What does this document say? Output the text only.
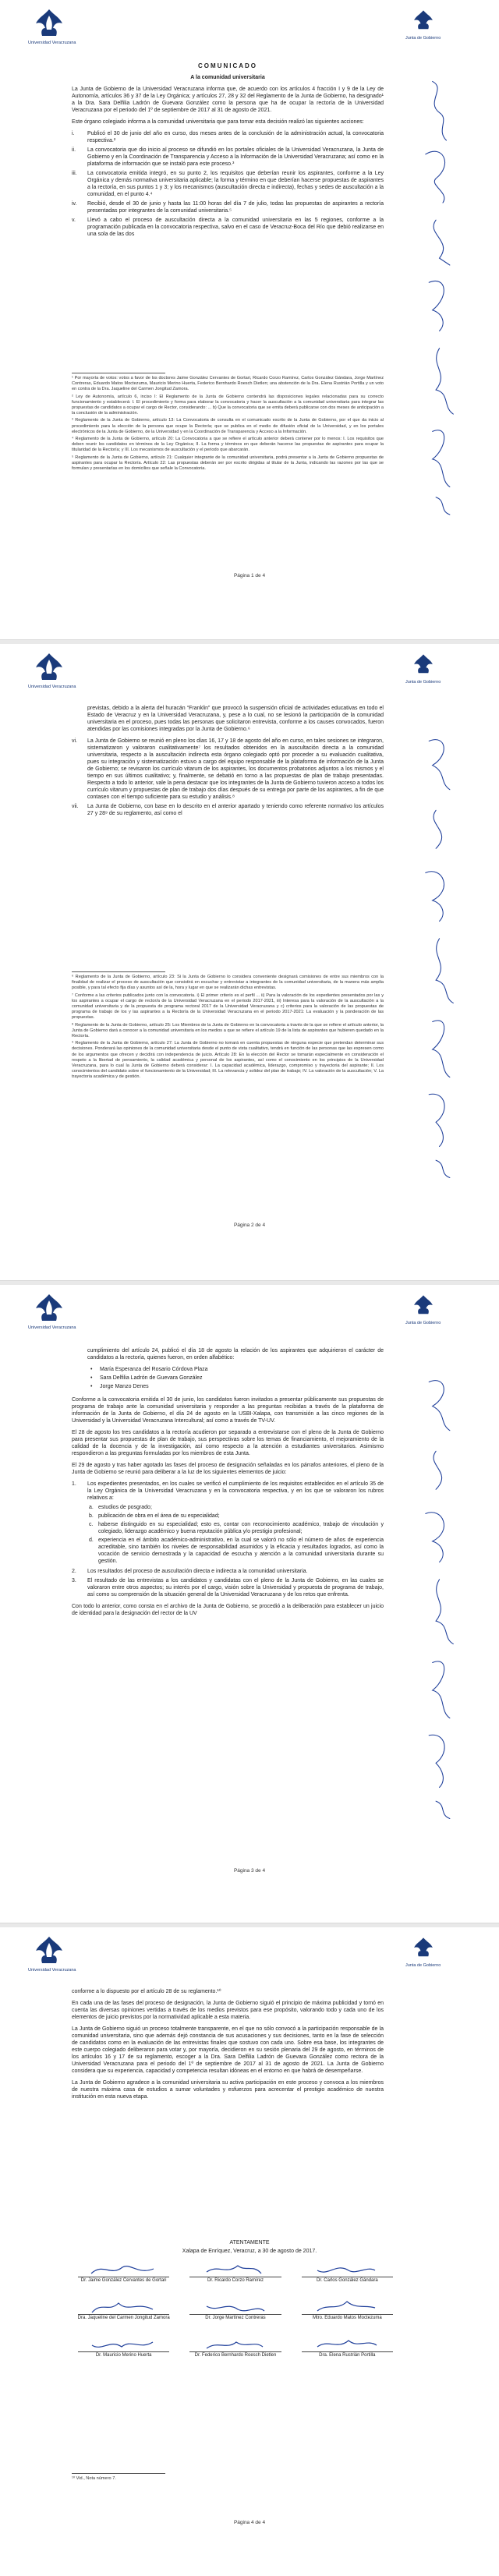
Universidad Veracruzana
Junta de Gobierno

COMUNICADO

A la comunidad universitaria

La Junta de Gobierno de la Universidad Veracruzana informa que, de acuerdo con los artículos 4 fracción I y 9 de la Ley de Autonomía, artículos 36 y 37 de la Ley Orgánica; y artículos 27, 28 y 32 del Reglamento de la Junta de Gobierno, ha designado¹ a la Dra. Sara Delfilia Ladrón de Guevara González como la persona que ha de ocupar la rectoría de la Universidad Veracruzana por el periodo del 1º de septiembre de 2017 al 31 de agosto de 2021.

Este órgano colegiado informa a la comunidad universitaria que para tomar esta decisión realizó las siguientes acciones:

i.	Publicó el 30 de junio del año en curso, dos meses antes de la conclusión de la administración actual, la convocatoria respectiva.²
ii.	La convocatoria que dio inicio al proceso se difundió en los portales oficiales de la Universidad Veracruzana, la Junta de Gobierno y en la Coordinación de Transparencia y Acceso a la Información de la Universidad Veracruzana; así como en la plataforma de información que se instaló para este proceso.³
iii.	La convocatoria emitida integró, en su punto 2, los requisitos que deberían reunir los aspirantes, conforme a la Ley Orgánica y demás normativa universitaria aplicable; la forma y término en que deberían hacerse propuestas de aspirantes a la rectoría, en sus puntos 1 y 3; y los mecanismos (auscultación directa e indirecta), fechas y sedes de auscultación a la comunidad, en el punto 4.⁴
iv.	Recibió, desde el 30 de junio y hasta las 11:00 horas del día 7 de julio, todas las propuestas de aspirantes a rectoría presentadas por integrantes de la comunidad universitaria.⁵
v.	Llevó a cabo el proceso de auscultación directa a la comunidad universitaria en las 5 regiones, conforme a la programación publicada en la convocatoria respectiva, salvo en el caso de Veracruz-Boca del Río que debió realizarse en una sola de las dos

¹ Por mayoría de votos: votos a favor de los doctores Jaime González Cervantes de Gortari, Ricardo Corzo Ramírez, Carlos González Gándara, Jorge Martínez Contreras, Eduardo Matos Moctezuma, Mauricio Merino Huerta, Federico Bernhardo Roesch Dietlen; una abstención de la Dra. Elena Rustrián Portilla y un voto en contra de la Dra. Jaqueline del Carmen Jongitud Zamora.

² Ley de Autonomía, artículo 6, inciso I: El Reglamento de la Junta de Gobierno contendrá las disposiciones legales relacionadas para su correcto funcionamiento y establecerá: I. El procedimiento y forma para elaborar la convocatoria y hacer la auscultación a la comunidad universitaria para integrar las propuestas de candidatos a ocupar el cargo de Rector, considerando: ... b) Que la convocatoria que se emita deberá publicarse con dos meses de anticipación a la conclusión de la administración.

³ Reglamento de la Junta de Gobierno, artículo 13: La Convocatoria de consulta en el comunicado escrito de la Junta de Gobierno, por el que da inicio al procedimiento para la elección de la persona que ocupe la Rectoría; que se publica en el medio de difusión oficial de la Universidad, y en los portales electrónicos de la Junta de Gobierno, de la Universidad y en la Coordinación de Transparencia y Acceso a la Información.

⁴ Reglamento de la Junta de Gobierno, artículo 20: La Convocatoria a que se refiere el artículo anterior deberá contener por lo menos: I. Los requisitos que deben reunir los candidatos en términos de la Ley Orgánica; II. La forma y términos en que deberán hacerse las propuestas de aspirantes para ocupar la titularidad de la Rectoría; y III. Los mecanismos de auscultación y el periodo que abarcarán.

⁵ Reglamento de la Junta de Gobierno, artículo 21: Cualquier integrante de la comunidad universitaria, podrá presentar a la Junta de Gobierno propuestas de aspirantes para ocupar la Rectoría. Artículo 22: Las propuestas deberán ser por escrito dirigidas al titular de la Junta, indicando las razones por las que se formulan y presentarlas en los domicilios que señale la Convocatoria.

Página 1 de 4
Universidad Veracruzana
Junta de Gobierno

previstas, debido a la alerta del huracán “Franklin” que provocó la suspensión oficial de actividades educativas en todo el Estado de Veracruz y en la Universidad Veracruzana, y, pese a lo cual, no se lesionó la participación de la comunidad universitaria en el proceso, pues todas las personas que solicitaron entrevista, conforme a los causes convocados, fueron atendidas por las comisiones integradas por la Junta de Gobierno.⁶

vi.	La Junta de Gobierno se reunió en pleno los días 16, 17 y 18 de agosto del año en curso, en tales sesiones se integraron, sistematizaron y valoraron cualitativamente⁷ los resultados obtenidos en la auscultación directa a la comunidad universitaria, respecto a la auscultación indirecta esta órgano colegiado optó por proceder a su evaluación cualitativa, pues su integración y sistematización estuvo a cargo del equipo responsable de la plataforma de información de la Junta de Gobierno; se revisaron los currículo vitarum de los aspirantes, los documentos probatorios adjuntos a los mismos y el tiempo en sus últimos cualitativo; y, finalmente, se debatió en torno a las propuestas de plan de trabajo presentadas. Respecto a todo lo anterior, vale la pena destacar que los integrantes de la Junta de Gobierno tuvieron acceso a todos los currículo vitarum y propuestas de plan de trabajo dos días después de su entrega por parte de los aspirantes, a fin de que contasen con el tiempo suficiente para su estudio y análisis.⁸
vii.	La Junta de Gobierno, con base en lo descrito en el anterior apartado y teniendo como referente normativo los artículos 27 y 28⁹ de su reglamento, así como el

⁶ Reglamento de la Junta de Gobierno, artículo 23: Si la Junta de Gobierno lo considera conveniente designará comisiones de entre sus miembros con la finalidad de realizar el proceso de auscultación que consistirá en escuchar y entrevistar a integrantes de la comunidad universitaria, de la manera más amplia posible, y para tal efecto fija días y asuntos así de la, hora y lugar en que se realizarán dichas entrevistas.

⁷ Conforme a las criterios publicados junto con la convocatoria. i) El primer criterio es el perfil ... ii) Para la valoración de los expedientes presentados por las y los aspirantes a ocupar el cargo de rector/a de la Universidad Veracruzana en el periodo 2017-2021, iii) Interesa para la valoración de la auscultación a la comunidad universitaria y de la propuesta de programa rectoral 2017 de la Universidad Veracruzana y c) criterios para la valoración de las propuestas de programa de trabajo de los y las aspirantes a la Rectoría de la Universidad Veracruzana en el periodo 2017-2021: La evaluación y la ponderación de las propuestas.

⁸ Reglamento de la Junta de Gobierno, artículo 25: Los Miembros de la Junta de Gobierno en la convocatoria a través de la que se refiere el artículo anterior, la Junta de Gobierno dará a conocer a la comunidad universitaria en los medios a que se refiere el artículo 19 de la lista de aspirantes que hubieren quedado en la Rectoría.

⁹ Reglamento de la Junta de Gobierno, artículo 27: La Junta de Gobierno no tomará en cuenta propuestas de ninguna especie que pretendan determinar sus decisiones. Ponderará las opiniones de la comunidad universitaria desde el punto de vista cualitativo, tendrá en función de las personas que las expresen como de los argumentos que ofrecen y decidirá con independencia de juicio. Artículo 28: En la elección del Rector se tomarán especialmente en consideración el respeto a la libertad de pensamiento, la calidad académica y personal de los aspirantes, así como el conocimiento en los principios de la Universidad Veracruzana, para lo cual la Junta de Gobierno deberá considerar: I. La capacidad académica, liderazgo, compromiso y trayectoria del aspirante; II. Los conocimientos del candidato sobre el funcionamiento de la Universidad; III. La relevancia y solidez del plan de trabajo; IV. La valoración de la auscultación; V. La trayectoria académica y de gestión.

Página 2 de 4
Universidad Veracruzana
Junta de Gobierno

cumplimiento del artículo 24, publicó el día 18 de agosto la relación de los aspirantes que adquirieron el carácter de candidatos a la rectoría, quienes fueron, en orden alfabético:

•	María Esperanza del Rosario Córdova Plaza
•	Sara Delfilia Ladrón de Guevara González
•	Jorge Manzo Denes

Conforme a la convocatoria emitida el 30 de junio, los candidatos fueron invitados a presentar públicamente sus propuestas de programa de trabajo ante la comunidad universitaria y responder a las preguntas recibidas a través de la plataforma de información de la Junta de Gobierno, el día 24 de agosto en la USBI-Xalapa, con transmisión a las cinco regiones de la Universidad y la Universidad Veracruzana Intercultural; así como a través de TV-UV.

El 28 de agosto los tres candidatos a la rectoría acudieron por separado a entrevistarse con el pleno de la Junta de Gobierno para presentar sus propuestas de plan de trabajo, sus perspectivas sobre los temas de financiamiento, el mejoramiento de la calidad de la docencia y de la investigación, así como respecto a la atención a estudiantes universitarios. Asimismo respondieron a las preguntas formuladas por los miembros de esta Junta.

El 29 de agosto y tras haber agotado las fases del proceso de designación señaladas en los párrafos anteriores, el pleno de la Junta de Gobierno se reunió para deliberar a la luz de los siguientes elementos de juicio:

1.	Los expedientes presentados, en los cuales se verificó el cumplimiento de los requisitos establecidos en el artículo 35 de la Ley Orgánica de la Universidad Veracruzana y en la convocatoria respectiva, y en los que se valoraron los rubros relativos a:
a. estudios de posgrado;
b. publicación de obra en el área de su especialidad;
c. haberse distinguido en su especialidad; esto es, contar con reconocimiento académico, trabajo de vinculación y colegiado, liderazgo académico y buena reputación pública y/o prestigio profesional;
d. experiencia en el ámbito académico-administrativo, en la cual se valoró no sólo el número de años de experiencia acreditable, sino también los niveles de responsabilidad asumidos y la eficacia y resultados logrados, así como la vocación de servicio demostrada y la capacidad de escucha y atención a la comunidad universitaria durante su gestión.
2.	Los resultados del proceso de auscultación directa e indirecta a la comunidad universitaria.
3.	El resultado de las entrevistas a los candidatos y candidatas con el pleno de la Junta de Gobierno, en las cuales se valoraron entre otros aspectos; su interés por el cargo, visión sobre la Universidad y propuesta de programa de trabajo, así como su comprensión de la situación general de la Universidad Veracruzana y de los retos que enfrenta.

Con todo lo anterior, como consta en el archivo de la Junta de Gobierno, se procedió a la deliberación para establecer un juicio de identidad para la designación del rector de la UV

Página 3 de 4
Universidad Veracruzana
Junta de Gobierno

conforme a lo dispuesto por el artículo 28 de su reglamento.¹⁰

En cada una de las fases del proceso de designación, la Junta de Gobierno siguió el principio de máxima publicidad y tomó en cuenta las diversas opiniones vertidas a través de los medios previstos para ese propósito, valorando todo y cada uno de los elementos de juicio previstos por la normatividad aplicable a esta materia.

La Junta de Gobierno siguió un proceso totalmente transparente, en el que no sólo convocó a la participación responsable de la comunidad universitaria, sino que además dejó constancia de sus acusaciones y sus decisiones, tanto en la fase de selección de candidatos como en la evaluación de las entrevistas finales que sostuvo con cada uno. Sobre esa base, los integrantes de este cuerpo colegiado deliberaron para votar y, por mayoría, decidieron en su sesión plenaria del 29 de agosto, en términos de los artículos 16 y 17 de su reglamento, escoger a la Dra. Sara Delfilia Ladrón de Guevara González como rectora de la Universidad Veracruzana para el periodo del 1º de septiembre de 2017 al 31 de agosto de 2021. La Junta de Gobierno considera que su experiencia, capacidad y competencia resultan idóneas en el entorno en que habrá de desempeñarse.

La Junta de Gobierno agradece a la comunidad universitaria su activa participación en este proceso y convoca a los miembros de nuestra máxima casa de estudios a sumar voluntades y esfuerzos para acrecentar el prestigio académico de nuestra institución en esta nueva etapa.

ATENTAMENTE
Xalapa de Enríquez, Veracruz, a 30 de agosto de 2017.
Dr. Jaime González Cervantes de Gortari	Dr. Ricardo Corzo Ramírez	Dr. Carlos González Gándara
Dra. Jaqueline del Carmen Jongitud Zamora	Dr. Jorge Martínez Contreras	Mtro. Eduardo Matos Moctezuma
Dr. Mauricio Merino Huerta	Dr. Federico Bernhardo Roesch Dietlen	Dra. Elena Rustrián Portilla

¹⁰ Vid., Nota número 7.

Página 4 de 4
